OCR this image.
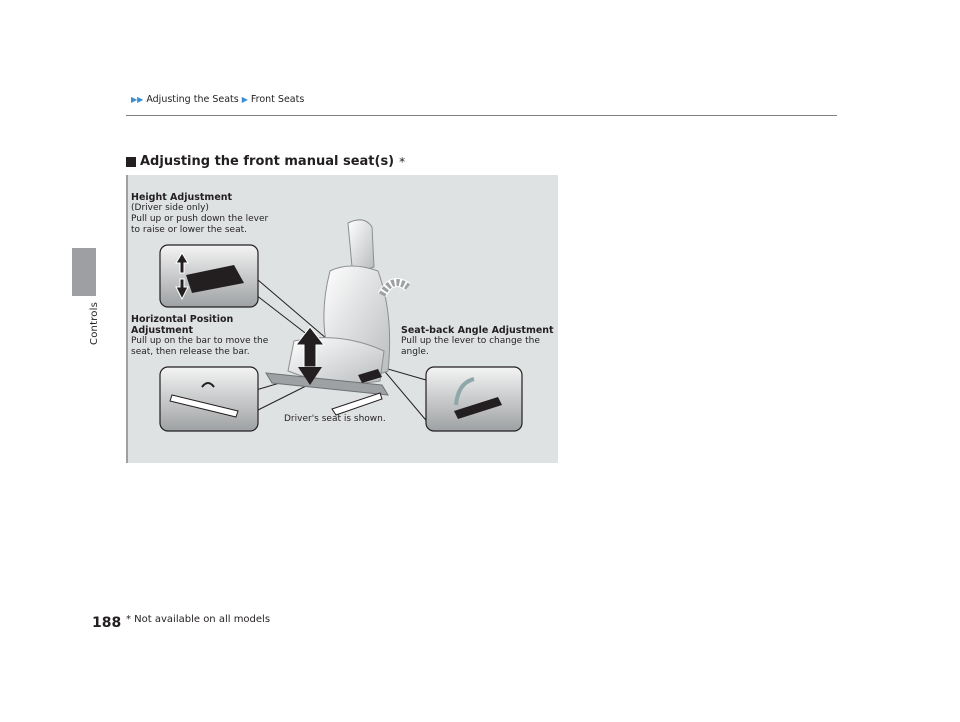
Controls
▶▶ Adjusting the Seats ▶ Front Seats
Adjusting the front manual seat(s) *
Height Adjustment
(Driver side only)
Pull up or push down the lever
to raise or lower the seat.
Horizontal Position
Adjustment
Pull up on the bar to move the
seat, then release the bar.
Seat-back Angle Adjustment
Pull up the lever to change the
angle.
Driver's seat is shown.
188 * Not available on all models
